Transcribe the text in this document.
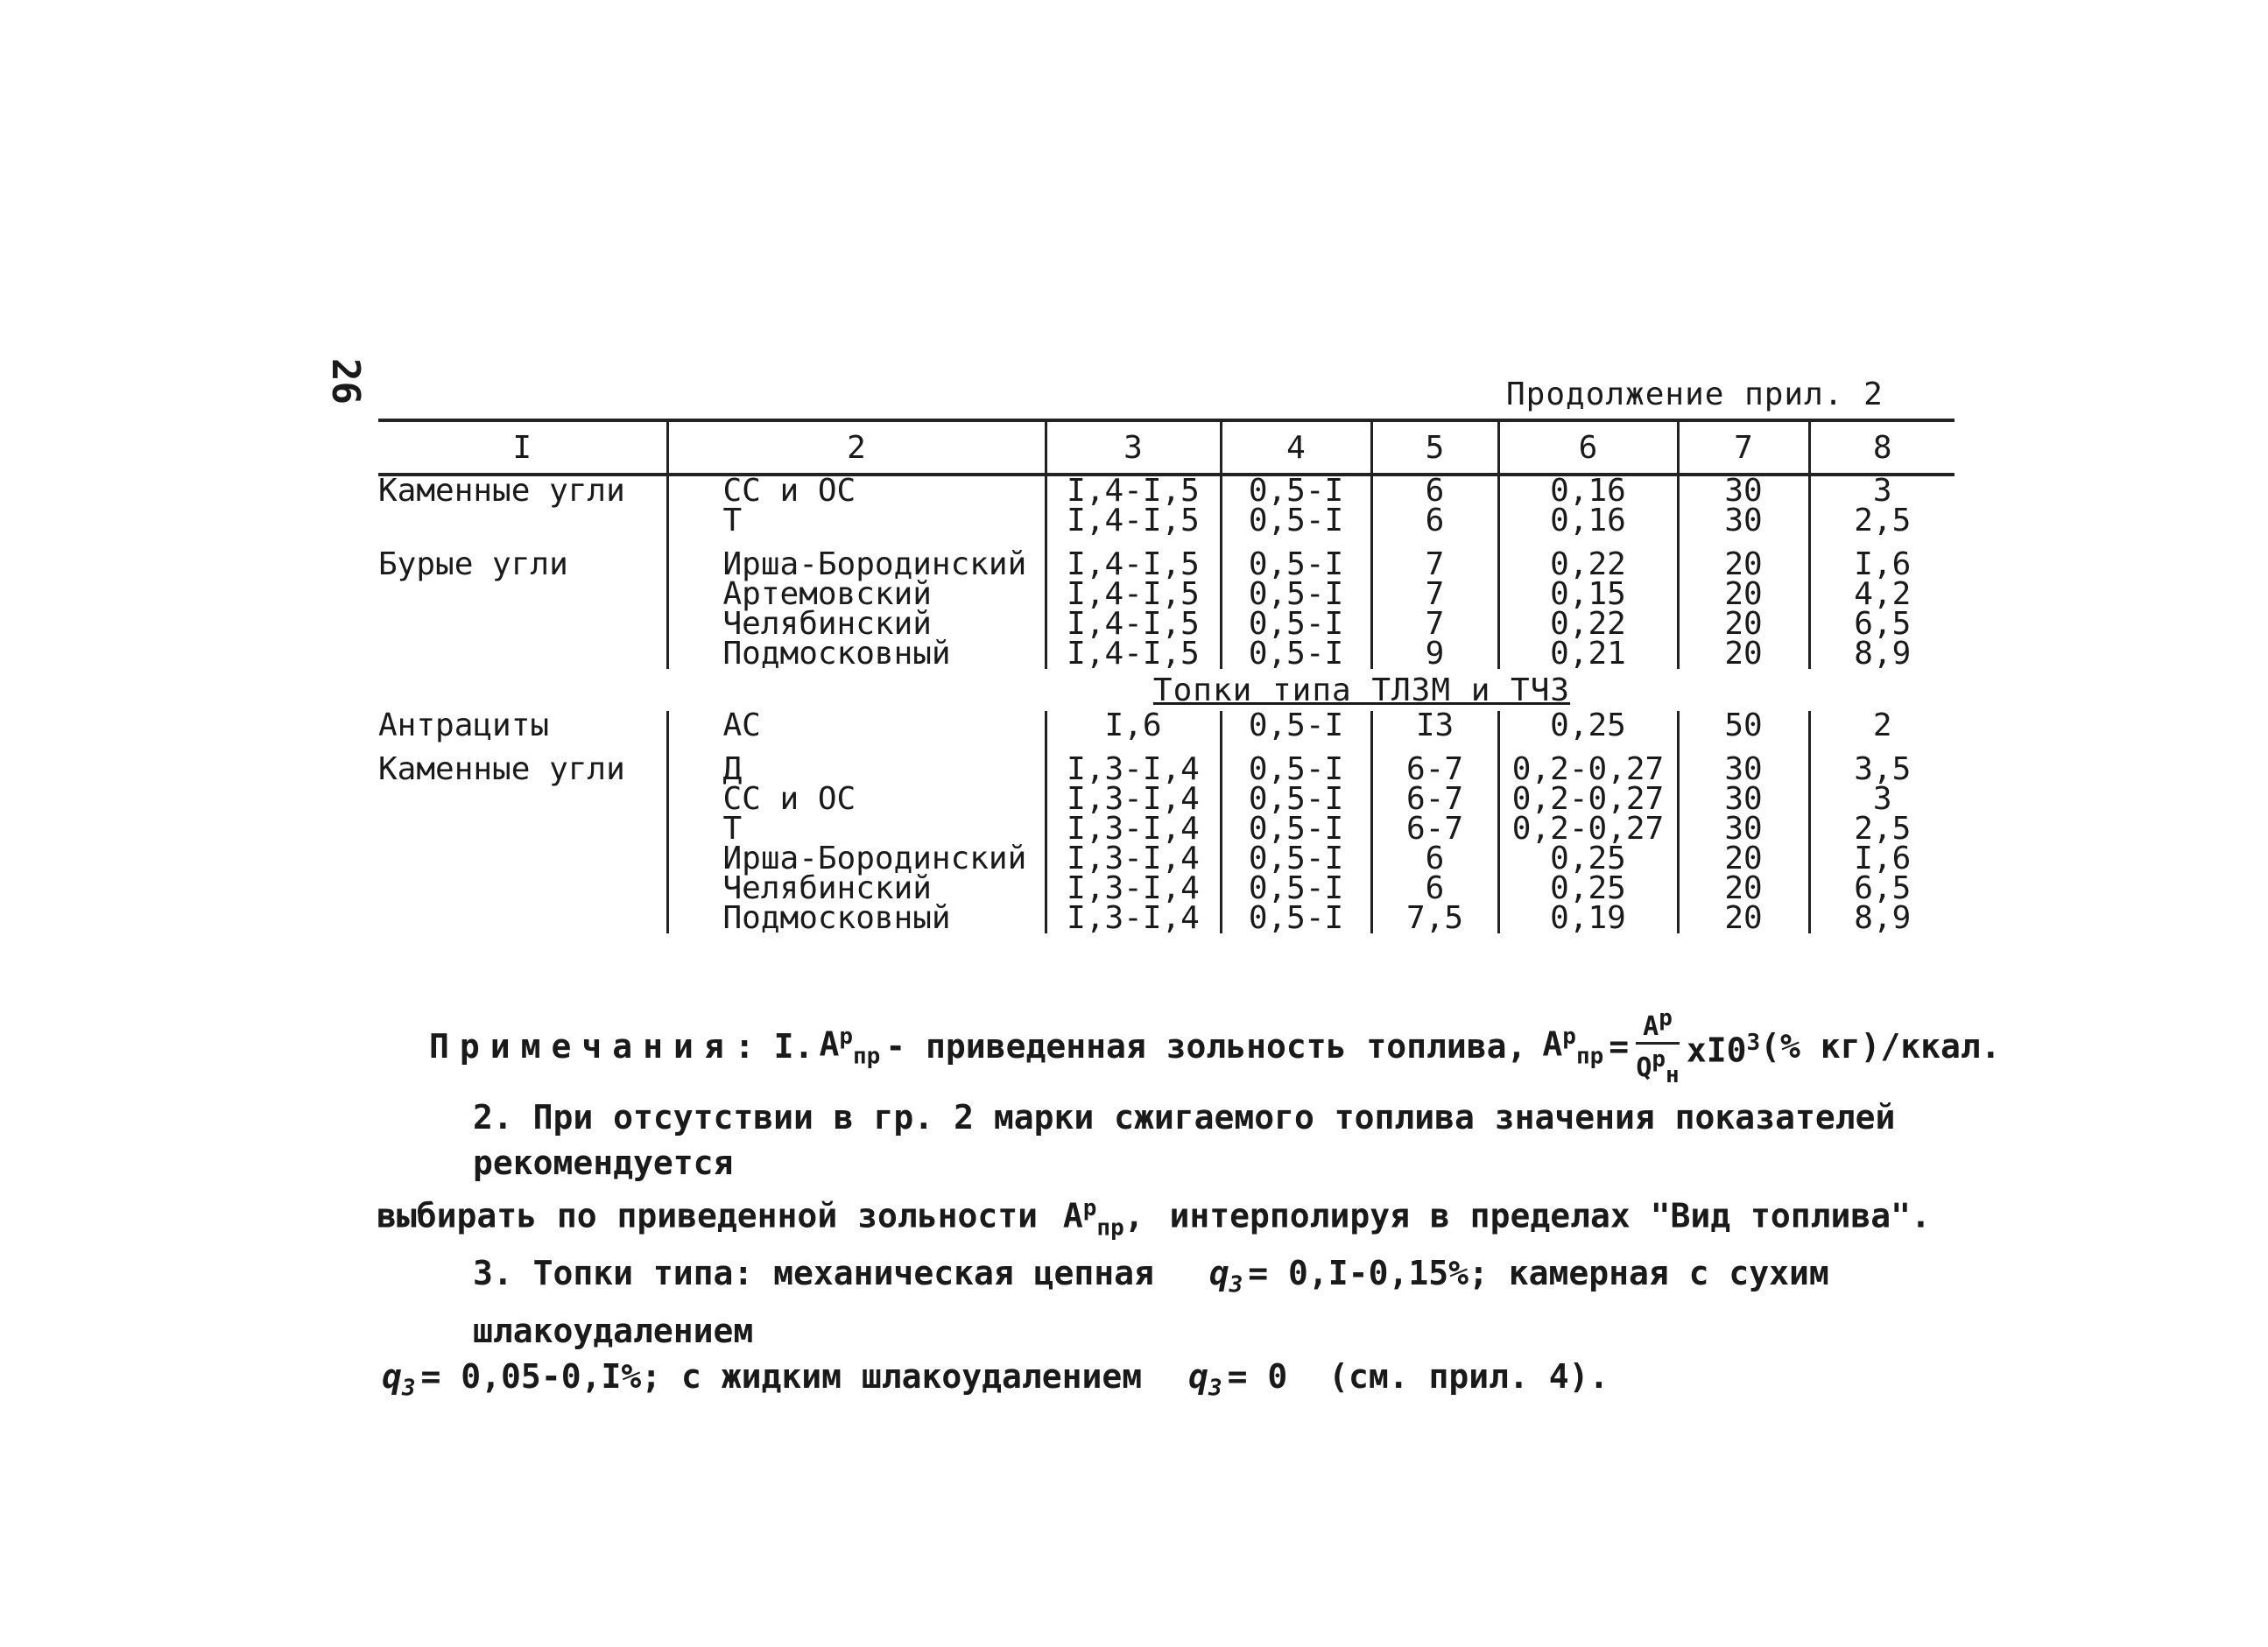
26	Продолжение прил. 2
I	2	3	4	5	6	7	8
Каменные угли	СС и ОС	I,4-I,5	0,5-I	6	0,16	30	3
	Т	I,4-I,5	0,5-I	6	0,16	30	2,5
Бурые угли	Ирша-Бородинский	I,4-I,5	0,5-I	7	0,22	20	I,6
	Артемовский	I,4-I,5	0,5-I	7	0,15	20	4,2
	Челябинский	I,4-I,5	0,5-I	7	0,22	20	6,5
	Подмосковный	I,4-I,5	0,5-I	9	0,21	20	8,9
		Топки типа ТЛЗМ и ТЧЗ					
Антрациты	АС	I,6	0,5-I	I3	0,25	50	2
Каменные угли	Д	I,3-I,4	0,5-I	6-7	0,2-0,27	30	3,5
	СС и ОС	I,3-I,4	0,5-I	6-7	0,2-0,27	30	3
	Т	I,3-I,4	0,5-I	6-7	0,2-0,27	30	2,5
	Ирша-Бородинский	I,3-I,4	0,5-I	6	0,25	20	I,6
	Челябинский	I,3-I,4	0,5-I	6	0,25	20	6,5
	Подмосковный	I,3-I,4	0,5-I	7,5	0,19	20	8,9
Примечания: I. $A^р_{пр}$ - приведенная зольность топлива, $A^р_{пр} = \frac{Aр}{\text{Qрн}} xI0^3$ (% кг)/ккал.

2. При отсутствии в гр. 2 марки сжигаемого топлива значения показателей рекомендуется

выбирать по приведенной зольности $A^р_{пр}$, интерполируя в пределах "Вид топлива".

3. Топки типа: механическая цепная $q_3 = 0,I-0,15\%$; камерная с сухим шлакоудалением

$q_3 = 0,05-0,I\%$; с жидким шлакоудалением $q_3 = 0$ (см. прил. 4).
